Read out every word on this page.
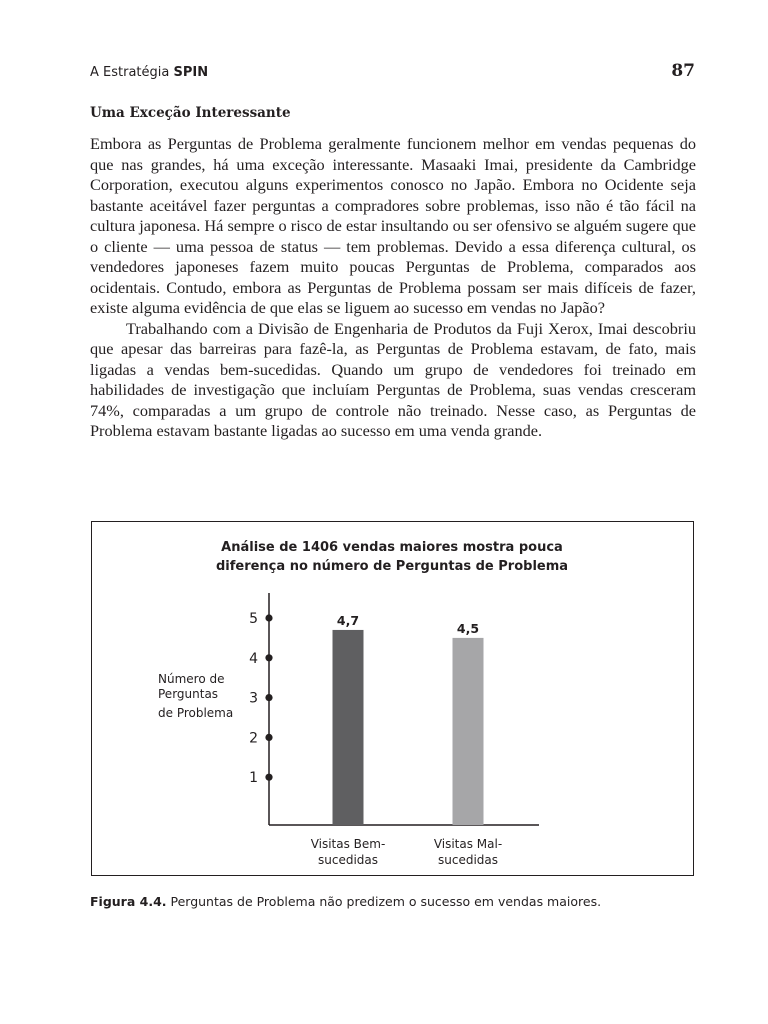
A Estratégia SPIN	87
Uma Exceção Interessante

Embora as Perguntas de Problema geralmente funcionem melhor em vendas pequenas do que nas grandes, há uma exceção interessante. Masaaki Imai, presidente da Cambridge Corporation, executou alguns experimentos conosco no Japão. Embora no Ocidente seja bastante aceitável fazer perguntas a compradores sobre problemas, isso não é tão fácil na cultura japonesa. Há sempre o risco de estar insultando ou ser ofensivo se alguém sugere que o cliente — uma pessoa de status — tem problemas. Devido a essa diferença cultural, os vendedores japoneses fazem muito poucas Perguntas de Problema, comparados aos ocidentais. Contudo, embora as Perguntas de Problema possam ser mais difíceis de fazer, existe alguma evidência de que elas se liguem ao sucesso em vendas no Japão?

Trabalhando com a Divisão de Engenharia de Produtos da Fuji Xerox, Imai descobriu que apesar das barreiras para fazê-la, as Perguntas de Problema estavam, de fato, mais ligadas a vendas bem-sucedidas. Quando um grupo de vendedores foi treinado em habilidades de investigação que incluíam Perguntas de Problema, suas vendas cresceram 74%, comparadas a um grupo de controle não treinado. Nesse caso, as Perguntas de Problema estavam bastante ligadas ao sucesso em uma venda grande.

Análise de 1406 vendas maiores mostra pouca
diferença no número de Perguntas de Problema
Número de
Perguntas
de Problema
1
2
3
4
5	4,7
4,5
Visitas Bem-
sucedidas
Visitas Mal-
sucedidas
Figura 4.4. Perguntas de Problema não predizem o sucesso em vendas maiores.
